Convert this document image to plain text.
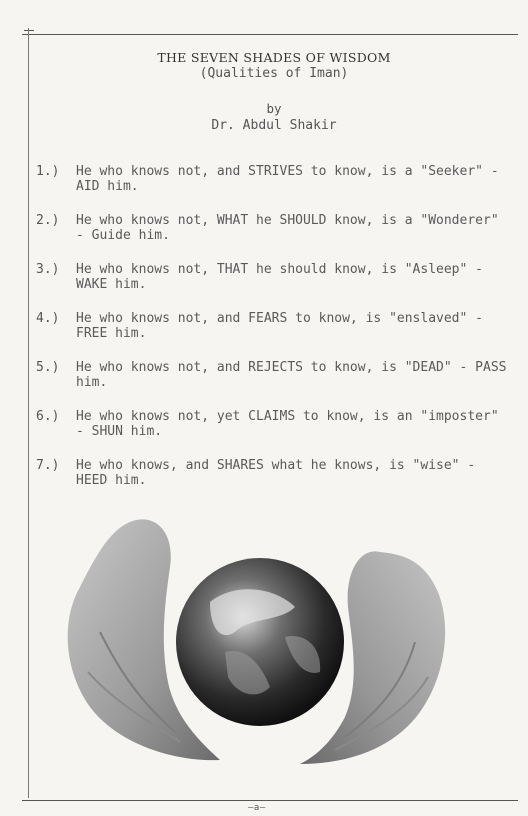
THE SEVEN SHADES OF WISDOM
(Qualities of Iman)
by
Dr. Abdul Shakir
1.)	He who knows not, and STRIVES to know, is a "Seeker" - AID him.
2.)	He who knows not, WHAT he SHOULD know, is a "Wonderer" - Guide him.
3.)	He who knows not, THAT he should know, is "Asleep" - WAKE him.
4.)	He who knows not, and FEARS to know, is "enslaved" - FREE him.
5.)	He who knows not, and REJECTS to know, is "DEAD" - PASS him.
6.)	He who knows not, yet CLAIMS to know, is an "imposter" - SHUN him.
7.)	He who knows, and SHARES what he knows, is "wise" - HEED him.
—a—
